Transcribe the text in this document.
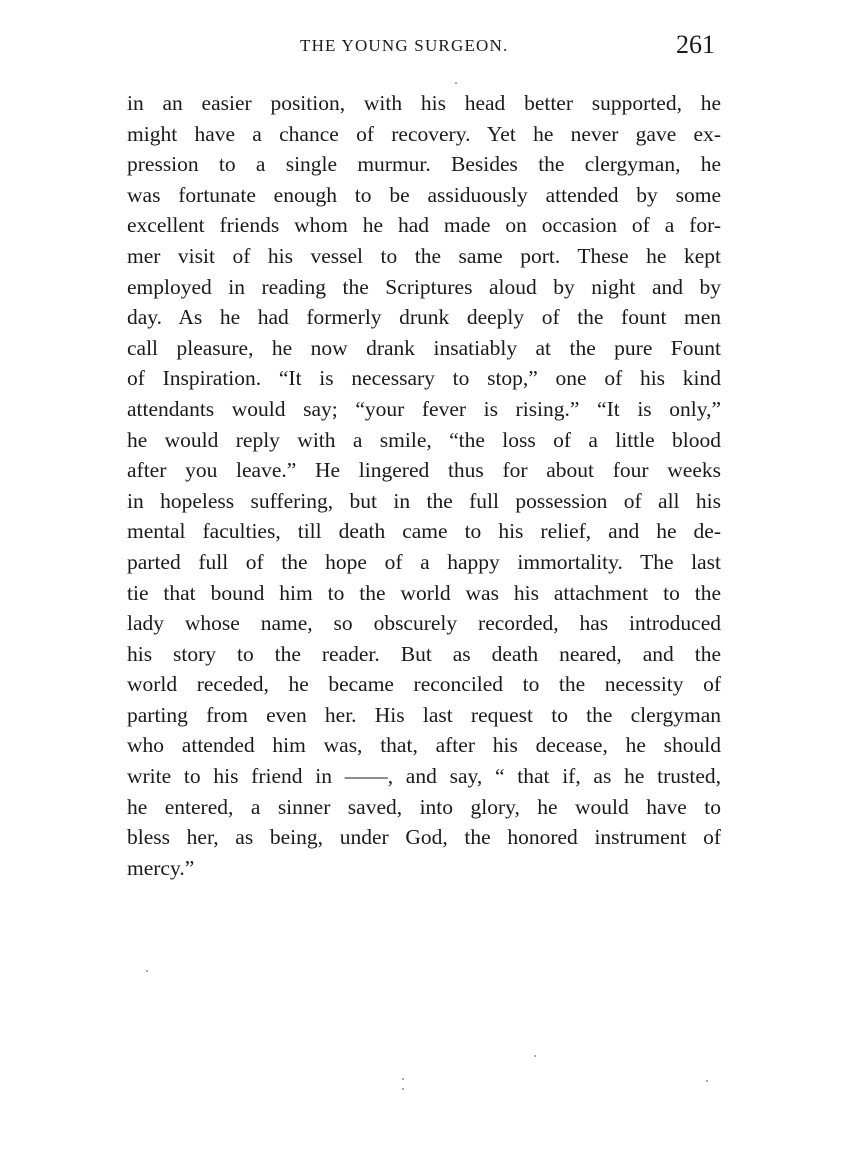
THE YOUNG SURGEON.	261
in an easier position, with his head better supported, he
might have a chance of recovery. Yet he never gave ex-
pression to a single murmur. Besides the clergyman, he
was fortunate enough to be assiduously attended by some
excellent friends whom he had made on occasion of a for-
mer visit of his vessel to the same port. These he kept
employed in reading the Scriptures aloud by night and by
day. As he had formerly drunk deeply of the fount men
call pleasure, he now drank insatiably at the pure Fount
of Inspiration. “It is necessary to stop,” one of his kind
attendants would say; “your fever is rising.” “It is only,”
he would reply with a smile, “the loss of a little blood
after you leave.” He lingered thus for about four weeks
in hopeless suffering, but in the full possession of all his
mental faculties, till death came to his relief, and he de-
parted full of the hope of a happy immortality. The last
tie that bound him to the world was his attachment to the
lady whose name, so obscurely recorded, has introduced
his story to the reader. But as death neared, and the
world receded, he became reconciled to the necessity of
parting from even her. His last request to the clergyman
who attended him was, that, after his decease, he should
write to his friend in ——, and say, “ that if, as he trusted,
he entered, a sinner saved, into glory, he would have to
bless her, as being, under God, the honored instrument of
mercy.”
